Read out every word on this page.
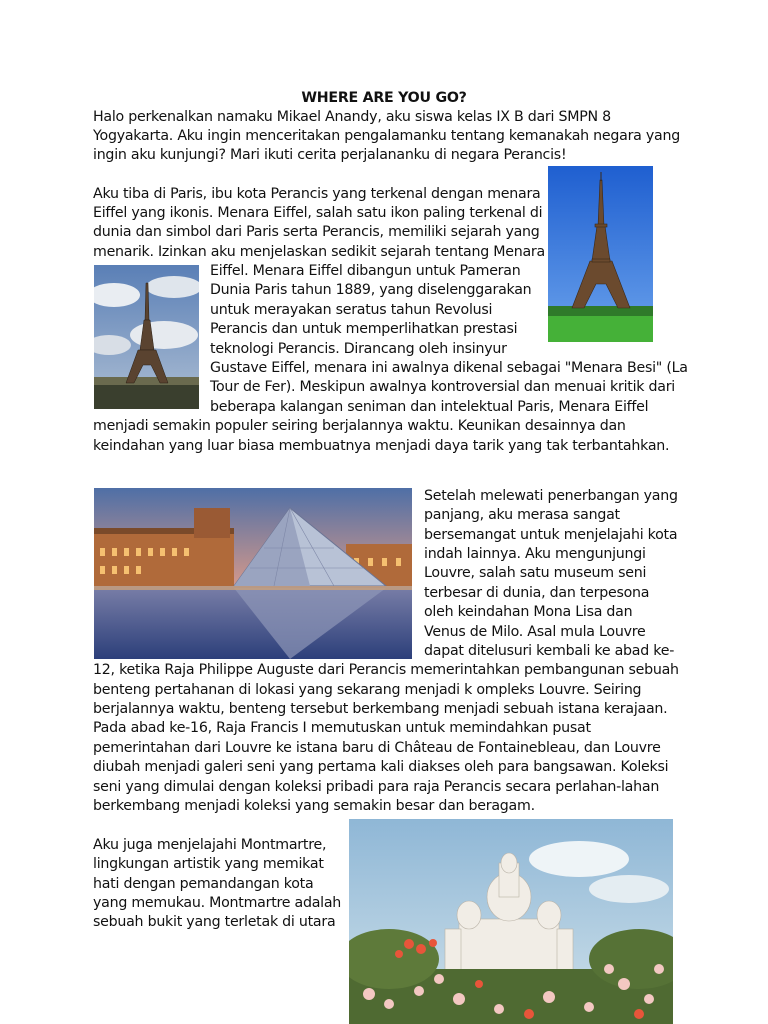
WHERE ARE YOU GO?
Halo perkenalkan namaku Mikael Anandy, aku siswa kelas IX B dari SMPN 8
Yogyakarta. Aku ingin menceritakan pengalamanku tentang kemanakah negara yang
ingin aku kunjungi? Mari ikuti cerita perjalananku di negara Perancis!
Aku tiba di Paris, ibu kota Perancis yang terkenal dengan menara
Eiffel yang ikonis. Menara Eiffel, salah satu ikon paling terkenal di
dunia dan simbol dari Paris serta Perancis, memiliki sejarah yang
menarik. Izinkan aku menjelaskan sedikit sejarah tentang Menara
Eiffel. Menara Eiffel dibangun untuk Pameran
Dunia Paris tahun 1889, yang diselenggarakan
untuk merayakan seratus tahun Revolusi
Perancis dan untuk memperlihatkan prestasi
teknologi Perancis. Dirancang oleh insinyur
Gustave Eiffel, menara ini awalnya dikenal sebagai "Menara Besi" (La
Tour de Fer). Meskipun awalnya kontroversial dan menuai kritik dari
beberapa kalangan seniman dan intelektual Paris, Menara Eiffel
menjadi semakin populer seiring berjalannya waktu. Keunikan desainnya dan
keindahan yang luar biasa membuatnya menjadi daya tarik yang tak terbantahkan.
Setelah melewati penerbangan yang
panjang, aku merasa sangat
bersemangat untuk menjelajahi kota
indah lainnya. Aku mengunjungi
Louvre, salah satu museum seni
terbesar di dunia, dan terpesona
oleh keindahan Mona Lisa dan
Venus de Milo. Asal mula Louvre
dapat ditelusuri kembali ke abad ke-
12, ketika Raja Philippe Auguste dari Perancis memerintahkan pembangunan sebuah
benteng pertahanan di lokasi yang sekarang menjadi k ompleks Louvre. Seiring
berjalannya waktu, benteng tersebut berkembang menjadi sebuah istana kerajaan.
Pada abad ke-16, Raja Francis I memutuskan untuk memindahkan pusat
pemerintahan dari Louvre ke istana baru di Château de Fontainebleau, dan Louvre
diubah menjadi galeri seni yang pertama kali diakses oleh para bangsawan. Koleksi
seni yang dimulai dengan koleksi pribadi para raja Perancis secara perlahan-lahan
berkembang menjadi koleksi yang semakin besar dan beragam.
Aku juga menjelajahi Montmartre,
lingkungan artistik yang memikat
hati dengan pemandangan kota
yang memukau. Montmartre adalah
sebuah bukit yang terletak di utara
